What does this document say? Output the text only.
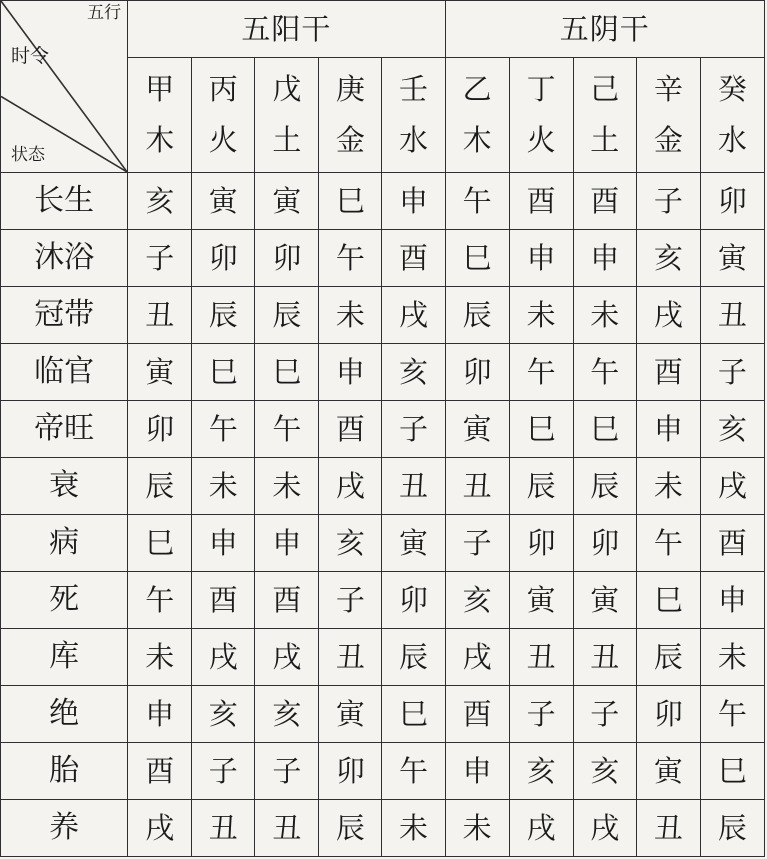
五行
时令
状态	五阳干					五阴干				
	甲	丙	戊	庚	壬	乙	丁	己	辛	癸
	木	火	土	金	水	木	火	土	金	水
长生	亥	寅	寅	巳	申	午	酉	酉	子	卯
沐浴	子	卯	卯	午	酉	巳	申	申	亥	寅
冠带	丑	辰	辰	未	戌	辰	未	未	戌	丑
临官	寅	巳	巳	申	亥	卯	午	午	酉	子
帝旺	卯	午	午	酉	子	寅	巳	巳	申	亥
衰	辰	未	未	戌	丑	丑	辰	辰	未	戌
病	巳	申	申	亥	寅	子	卯	卯	午	酉
死	午	酉	酉	子	卯	亥	寅	寅	巳	申
库	未	戌	戌	丑	辰	戌	丑	丑	辰	未
绝	申	亥	亥	寅	巳	酉	子	子	卯	午
胎	酉	子	子	卯	午	申	亥	亥	寅	巳
养	戌	丑	丑	辰	未	未	戌	戌	丑	辰
